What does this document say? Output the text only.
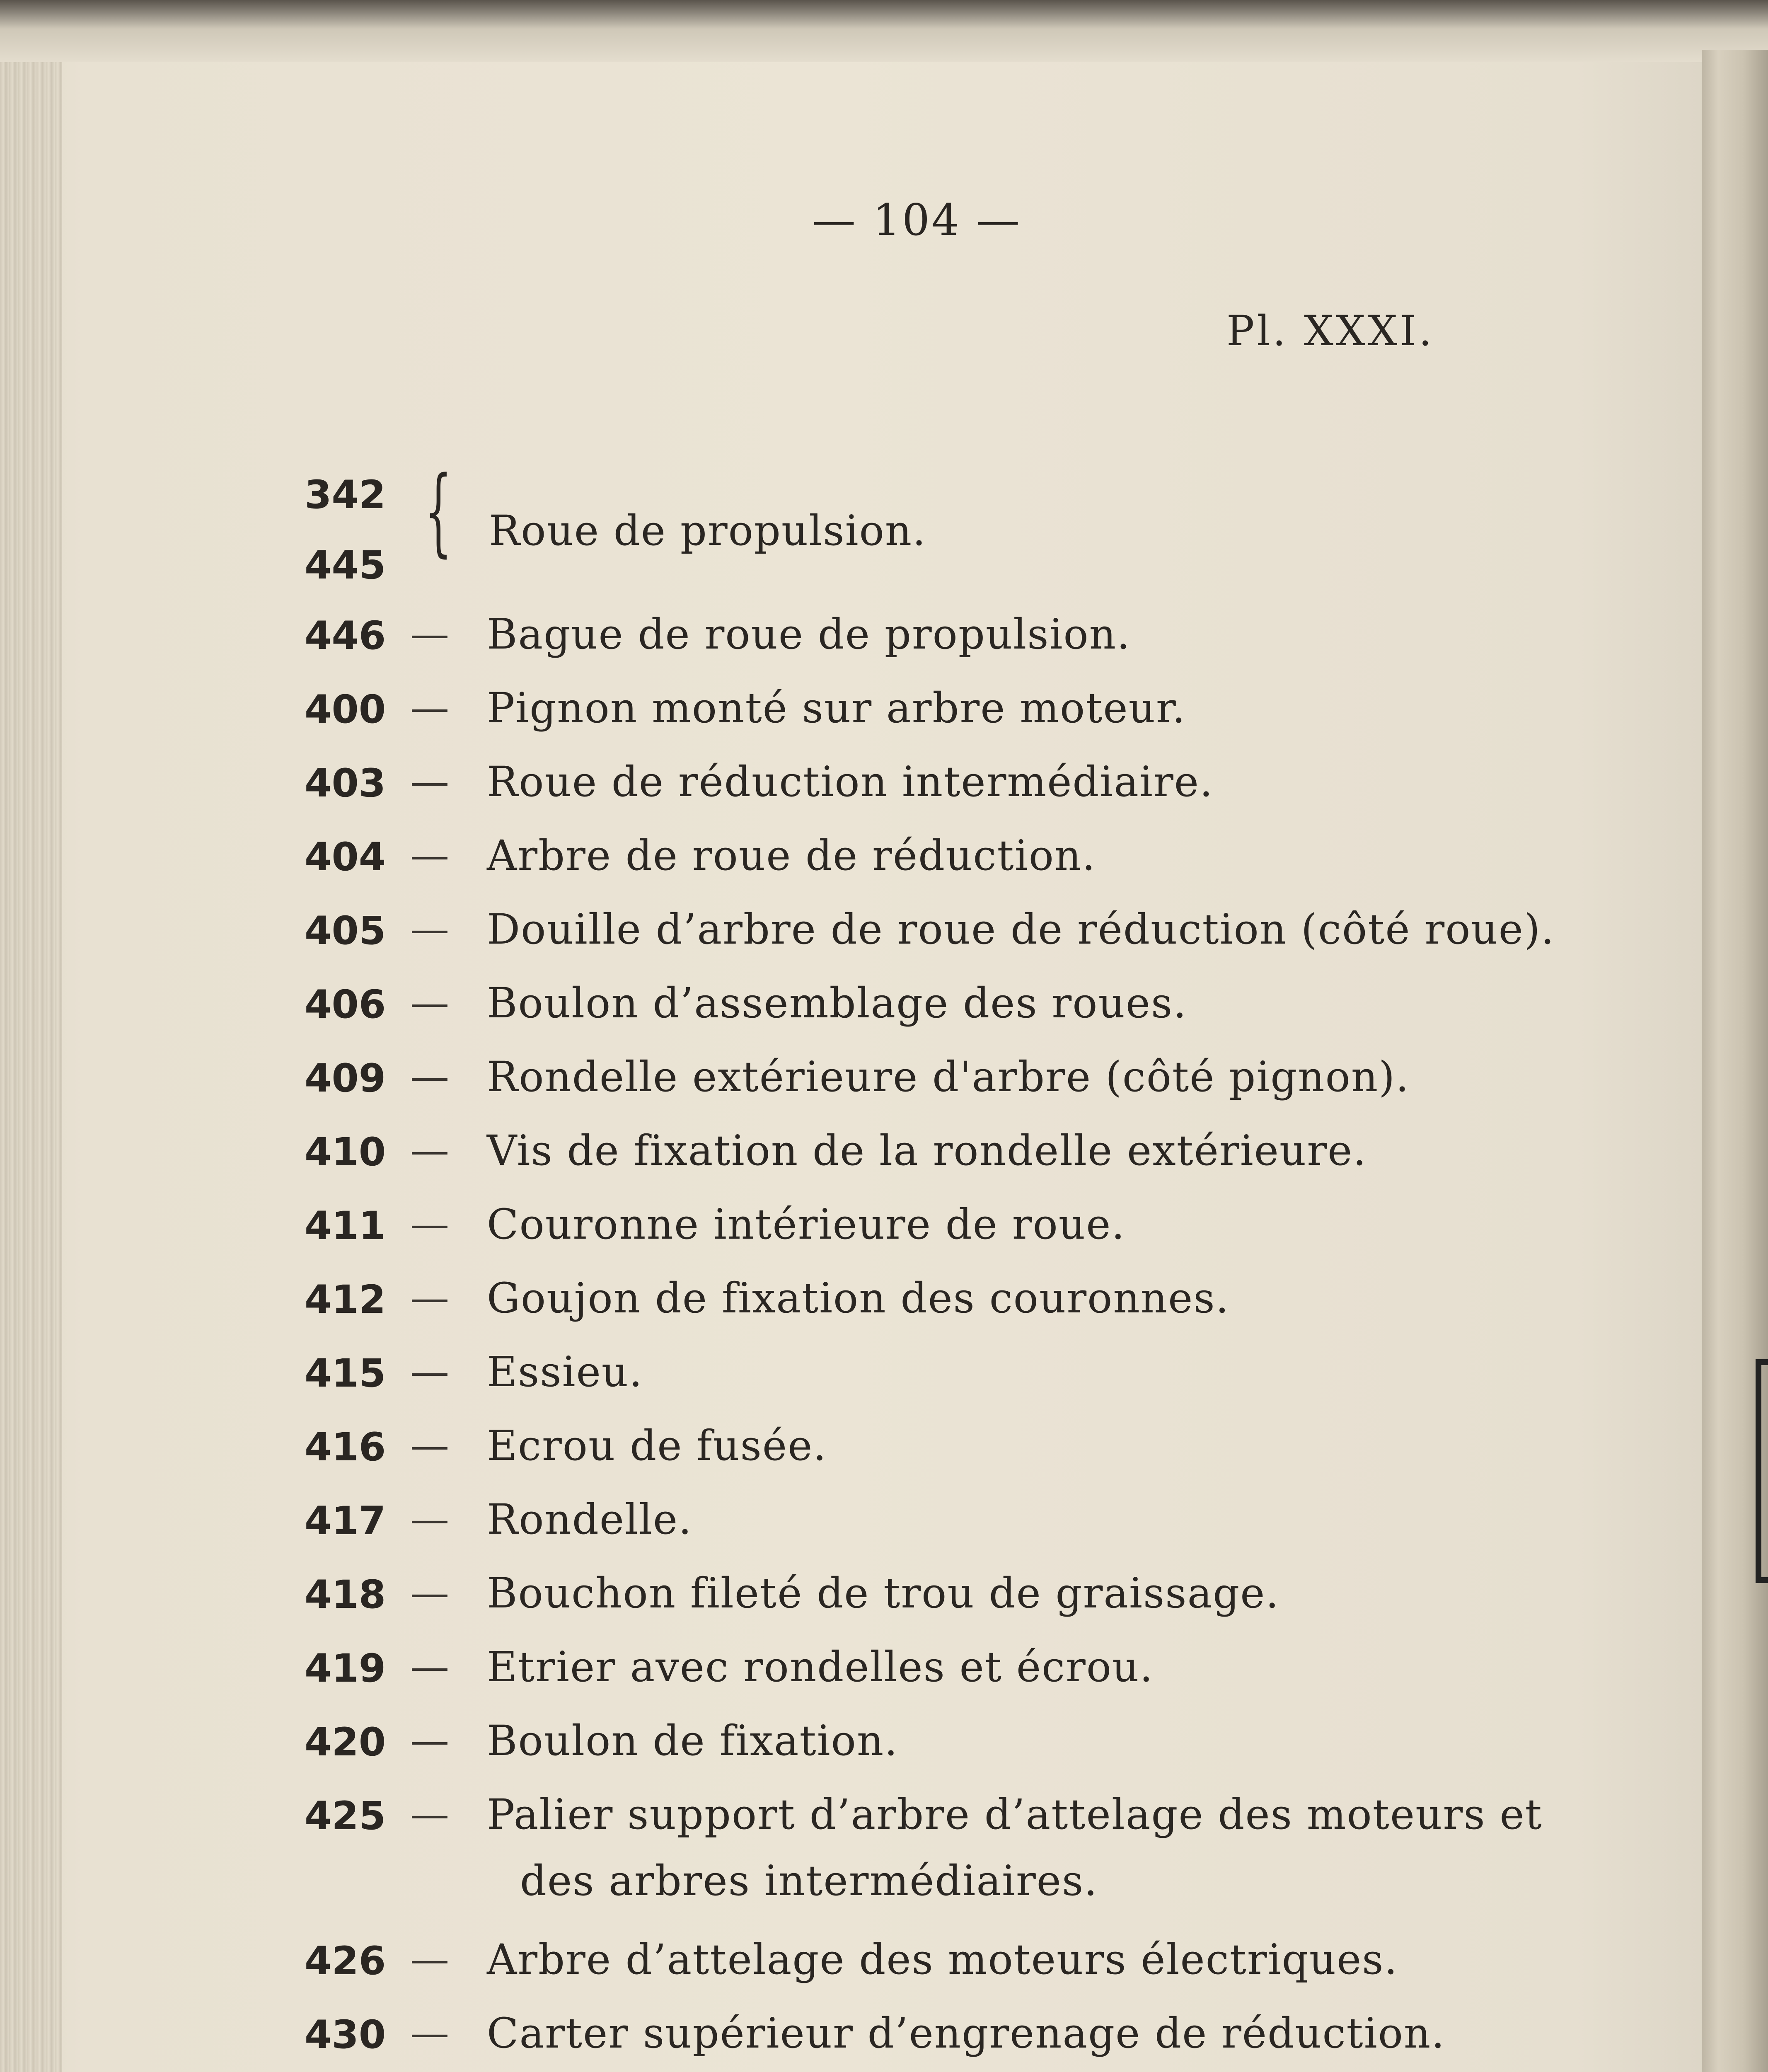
— 104 —
Pl. XXXI.
342
445 { Roue de propulsion.
446 — Bague de roue de propulsion.
400 — Pignon monté sur arbre moteur.
403 — Roue de réduction intermédiaire.
404 — Arbre de roue de réduction.
405 — Douille d’arbre de roue de réduction (côté roue).
406 — Boulon d’assemblage des roues.
409 — Rondelle extérieure d'arbre (côté pignon).
410 — Vis de fixation de la rondelle extérieure.
411 — Couronne intérieure de roue.
412 — Goujon de fixation des couronnes.
415 — Essieu.
416 — Ecrou de fusée.
417 — Rondelle.
418 — Bouchon fileté de trou de graissage.
419 — Etrier avec rondelles et écrou.
420 — Boulon de fixation.
425 — Palier support d’arbre d’attelage des moteurs et
des arbres intermédiaires.
426 — Arbre d’attelage des moteurs électriques.
430 — Carter supérieur d’engrenage de réduction.
